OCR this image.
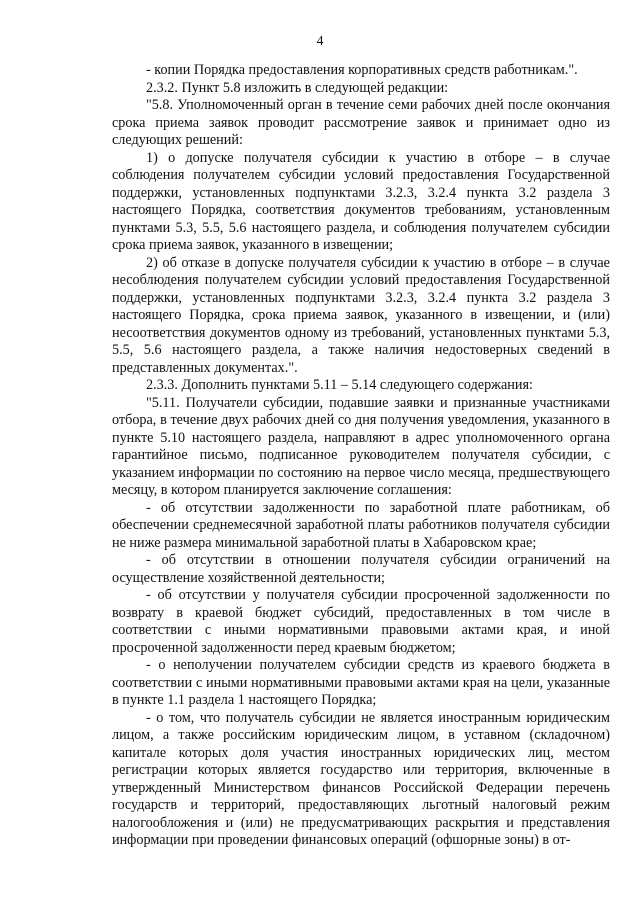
4

- копии Порядка предоставления корпоративных средств работникам.".

2.3.2. Пункт 5.8 изложить в следующей редакции:

"5.8. Уполномоченный орган в течение семи рабочих дней после окончания срока приема заявок проводит рассмотрение заявок и принимает одно из следующих решений:

1) о допуске получателя субсидии к участию в отборе – в случае соблюдения получателем субсидии условий предоставления Государственной поддержки, установленных подпунктами 3.2.3, 3.2.4 пункта 3.2 раздела 3 настоящего Порядка, соответствия документов требованиям, установленным пунктами 5.3, 5.5, 5.6 настоящего раздела, и соблюдения получателем субсидии срока приема заявок, указанного в извещении;

2) об отказе в допуске получателя субсидии к участию в отборе – в случае несоблюдения получателем субсидии условий предоставления Государственной поддержки, установленных подпунктами 3.2.3, 3.2.4 пункта 3.2 раздела 3 настоящего Порядка, срока приема заявок, указанного в извещении, и (или) несоответствия документов одному из требований, установленных пунктами 5.3, 5.5, 5.6 настоящего раздела, а также наличия недостоверных сведений в представленных документах.".

2.3.3. Дополнить пунктами 5.11 – 5.14 следующего содержания:

"5.11. Получатели субсидии, подавшие заявки и признанные участниками отбора, в течение двух рабочих дней со дня получения уведомления, указанного в пункте 5.10 настоящего раздела, направляют в адрес уполномоченного органа гарантийное письмо, подписанное руководителем получателя субсидии, с указанием информации по состоянию на первое число месяца, предшествующего месяцу, в котором планируется заключение соглашения:

- об отсутствии задолженности по заработной плате работникам, об обеспечении среднемесячной заработной платы работников получателя субсидии не ниже размера минимальной заработной платы в Хабаровском крае;

- об отсутствии в отношении получателя субсидии ограничений на осуществление хозяйственной деятельности;

- об отсутствии у получателя субсидии просроченной задолженности по возврату в краевой бюджет субсидий, предоставленных в том числе в соответствии с иными нормативными правовыми актами края, и иной просроченной задолженности перед краевым бюджетом;

- о неполучении получателем субсидии средств из краевого бюджета в соответствии с иными нормативными правовыми актами края на цели, указанные в пункте 1.1 раздела 1 настоящего Порядка;

- о том, что получатель субсидии не является иностранным юридическим лицом, а также российским юридическим лицом, в уставном (складочном) капитале которых доля участия иностранных юридических лиц, местом регистрации которых является государство или территория, включенные в утвержденный Министерством финансов Российской Федерации перечень государств и территорий, предоставляющих льготный налоговый режим налогообложения и (или) не предусматривающих раскрытия и представления информации при проведении финансовых операций (офшорные зоны) в от-
